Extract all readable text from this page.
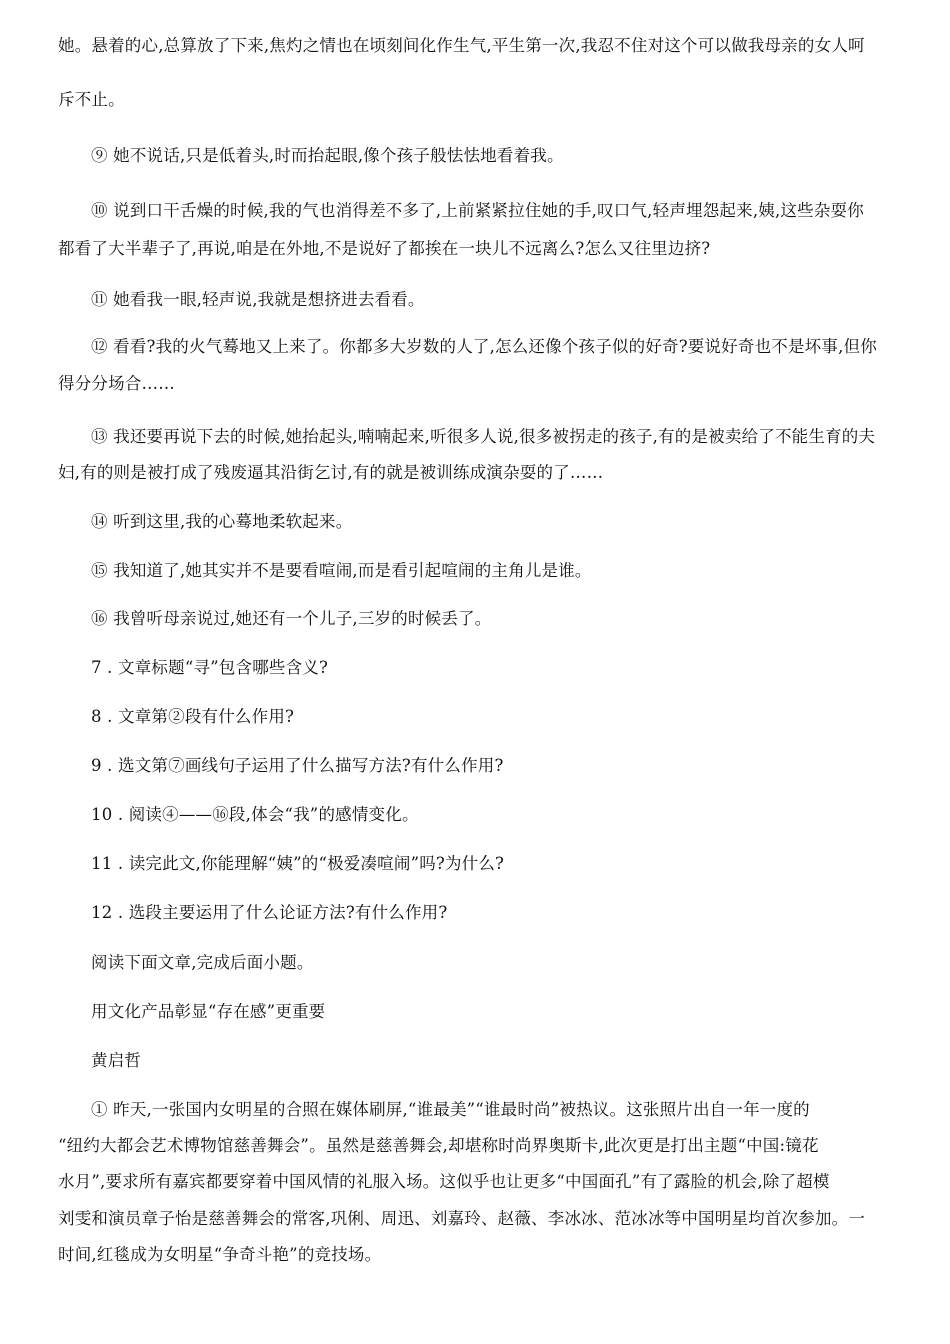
她。悬着的心,总算放了下来,焦灼之情也在顷刻间化作生气,平生第一次,我忍不住对这个可以做我母亲的女人呵
斥不止。
⑨ 她不说话,只是低着头,时而抬起眼,像个孩子般怯怯地看着我。
⑩ 说到口干舌燥的时候,我的气也消得差不多了,上前紧紧拉住她的手,叹口气,轻声埋怨起来,姨,这些杂耍你
都看了大半辈子了,再说,咱是在外地,不是说好了都挨在一块儿不远离么?怎么又往里边挤?
⑪ 她看我一眼,轻声说,我就是想挤进去看看。
⑫ 看看?我的火气蓦地又上来了。你都多大岁数的人了,怎么还像个孩子似的好奇?要说好奇也不是坏事,但你
得分分场合……
⑬ 我还要再说下去的时候,她抬起头,喃喃起来,听很多人说,很多被拐走的孩子,有的是被卖给了不能生育的夫
妇,有的则是被打成了残废逼其沿街乞讨,有的就是被训练成演杂耍的了……
⑭ 听到这里,我的心蓦地柔软起来。
⑮ 我知道了,她其实并不是要看喧闹,而是看引起喧闹的主角儿是谁。
⑯ 我曾听母亲说过,她还有一个儿子,三岁的时候丢了。
7 . 文章标题“寻”包含哪些含义?
8 . 文章第②段有什么作用?
9 . 选文第⑦画线句子运用了什么描写方法?有什么作用?
10 . 阅读④——⑯段,体会“我”的感情变化。
11 . 读完此文,你能理解“姨”的“极爱凑喧闹”吗?为什么?
12 . 选段主要运用了什么论证方法?有什么作用?
阅读下面文章,完成后面小题。
用文化产品彰显“存在感”更重要
黄启哲
① 昨天,一张国内女明星的合照在媒体刷屏,“谁最美”“谁最时尚”被热议。这张照片出自一年一度的
“纽约大都会艺术博物馆慈善舞会”。虽然是慈善舞会,却堪称时尚界奥斯卡,此次更是打出主题“中国:镜花
水月”,要求所有嘉宾都要穿着中国风情的礼服入场。这似乎也让更多“中国面孔”有了露脸的机会,除了超模
刘雯和演员章子怡是慈善舞会的常客,巩俐、周迅、刘嘉玲、赵薇、李冰冰、范冰冰等中国明星均首次参加。一
时间,红毯成为女明星“争奇斗艳”的竞技场。
